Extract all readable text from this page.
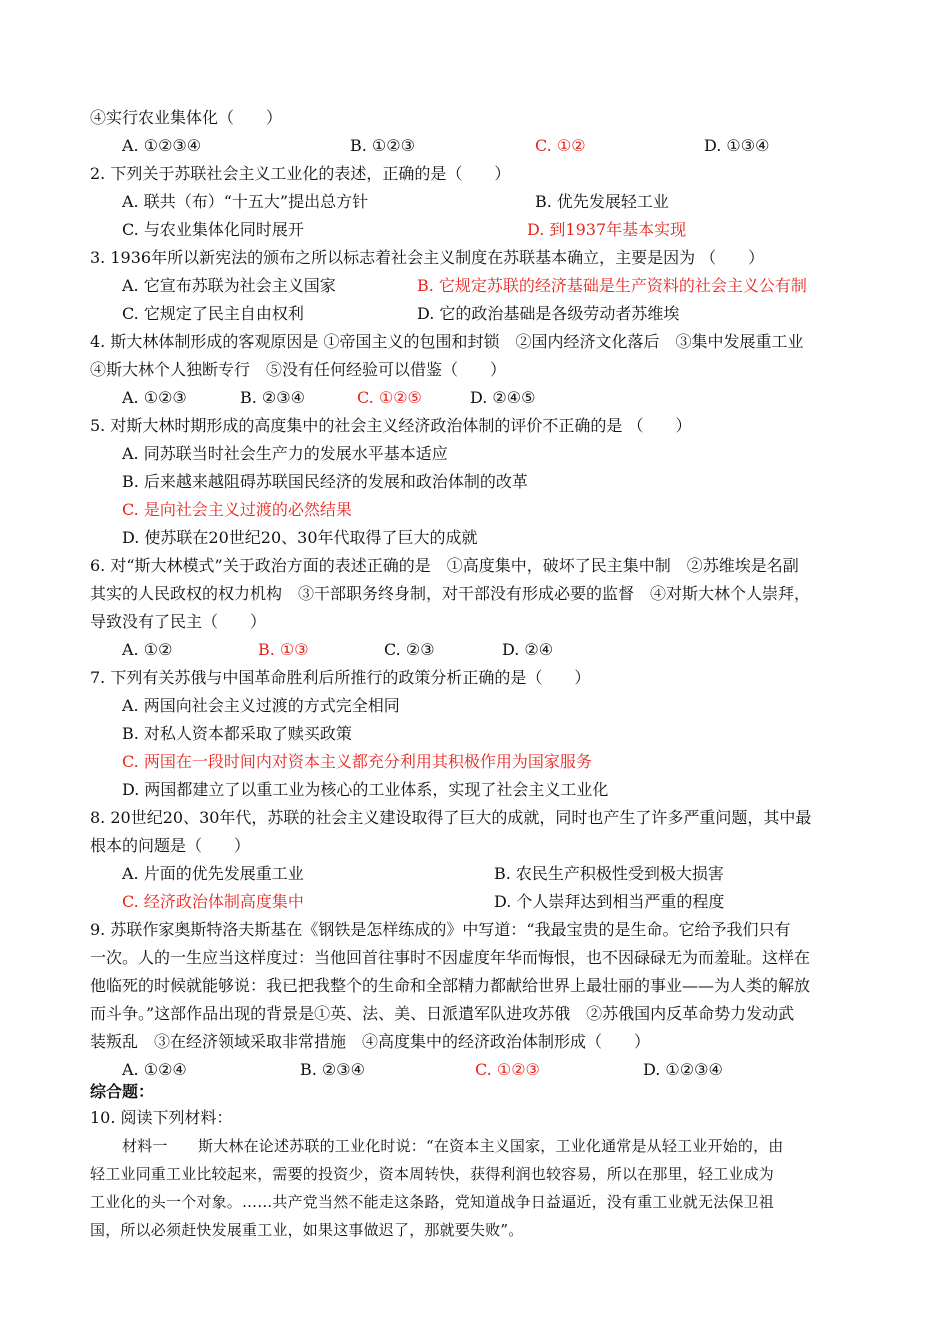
④实行农业集体化（　　）
A. ①②③④	B. ①②③	C. ①②	D. ①③④
2. 下列关于苏联社会主义工业化的表述，正确的是（　　）
A. 联共（布）“十五大”提出总方针	B. 优先发展轻工业
C. 与农业集体化同时展开	D. 到1937年基本实现
3. 1936年所以新宪法的颁布之所以标志着社会主义制度在苏联基本确立，主要是因为 （　　）
A. 它宣布苏联为社会主义国家	B. 它规定苏联的经济基础是生产资料的社会主义公有制
C. 它规定了民主自由权利	D. 它的政治基础是各级劳动者苏维埃
4. 斯大林体制形成的客观原因是 ①帝国主义的包围和封锁　②国内经济文化落后　③集中发展重工业
④斯大林个人独断专行　⑤没有任何经验可以借鉴（　　）
A. ①②③	B. ②③④	C. ①②⑤	D. ②④⑤
5. 对斯大林时期形成的高度集中的社会主义经济政治体制的评价不正确的是 （　　）
A. 同苏联当时社会生产力的发展水平基本适应
B. 后来越来越阻碍苏联国民经济的发展和政治体制的改革
C. 是向社会主义过渡的必然结果
D. 使苏联在20世纪20、30年代取得了巨大的成就
6. 对“斯大林模式”关于政治方面的表述正确的是　①高度集中，破坏了民主集中制　②苏维埃是名副
其实的人民政权的权力机构　③干部职务终身制，对干部没有形成必要的监督　④对斯大林个人崇拜，
导致没有了民主（　　）
A. ①②	B. ①③	C. ②③	D. ②④
7. 下列有关苏俄与中国革命胜利后所推行的政策分析正确的是（　　）
A. 两国向社会主义过渡的方式完全相同
B. 对私人资本都采取了赎买政策
C. 两国在一段时间内对资本主义都充分利用其积极作用为国家服务
D. 两国都建立了以重工业为核心的工业体系，实现了社会主义工业化
8. 20世纪20、30年代，苏联的社会主义建设取得了巨大的成就，同时也产生了许多严重问题，其中最
根本的问题是（　　）
A. 片面的优先发展重工业	B. 农民生产积极性受到极大损害
C. 经济政治体制高度集中	D. 个人崇拜达到相当严重的程度
9. 苏联作家奥斯特洛夫斯基在《钢铁是怎样练成的》中写道：“我最宝贵的是生命。它给予我们只有
一次。人的一生应当这样度过：当他回首往事时不因虚度年华而悔恨，也不因碌碌无为而羞耻。这样在
他临死的时候就能够说：我已把我整个的生命和全部精力都献给世界上最壮丽的事业——为人类的解放
而斗争。”这部作品出现的背景是①英、法、美、日派遣军队进攻苏俄　②苏俄国内反革命势力发动武
装叛乱　③在经济领域采取非常措施　④高度集中的经济政治体制形成（　　）
A. ①②④	B. ②③④	C. ①②③	D. ①②③④
综合题：
10. 阅读下列材料：
材料一　　斯大林在论述苏联的工业化时说：“在资本主义国家，工业化通常是从轻工业开始的，由
轻工业同重工业比较起来，需要的投资少，资本周转快，获得利润也较容易，所以在那里，轻工业成为
工业化的头一个对象。……共产党当然不能走这条路，党知道战争日益逼近，没有重工业就无法保卫祖
国，所以必须赶快发展重工业，如果这事做迟了，那就要失败”。
